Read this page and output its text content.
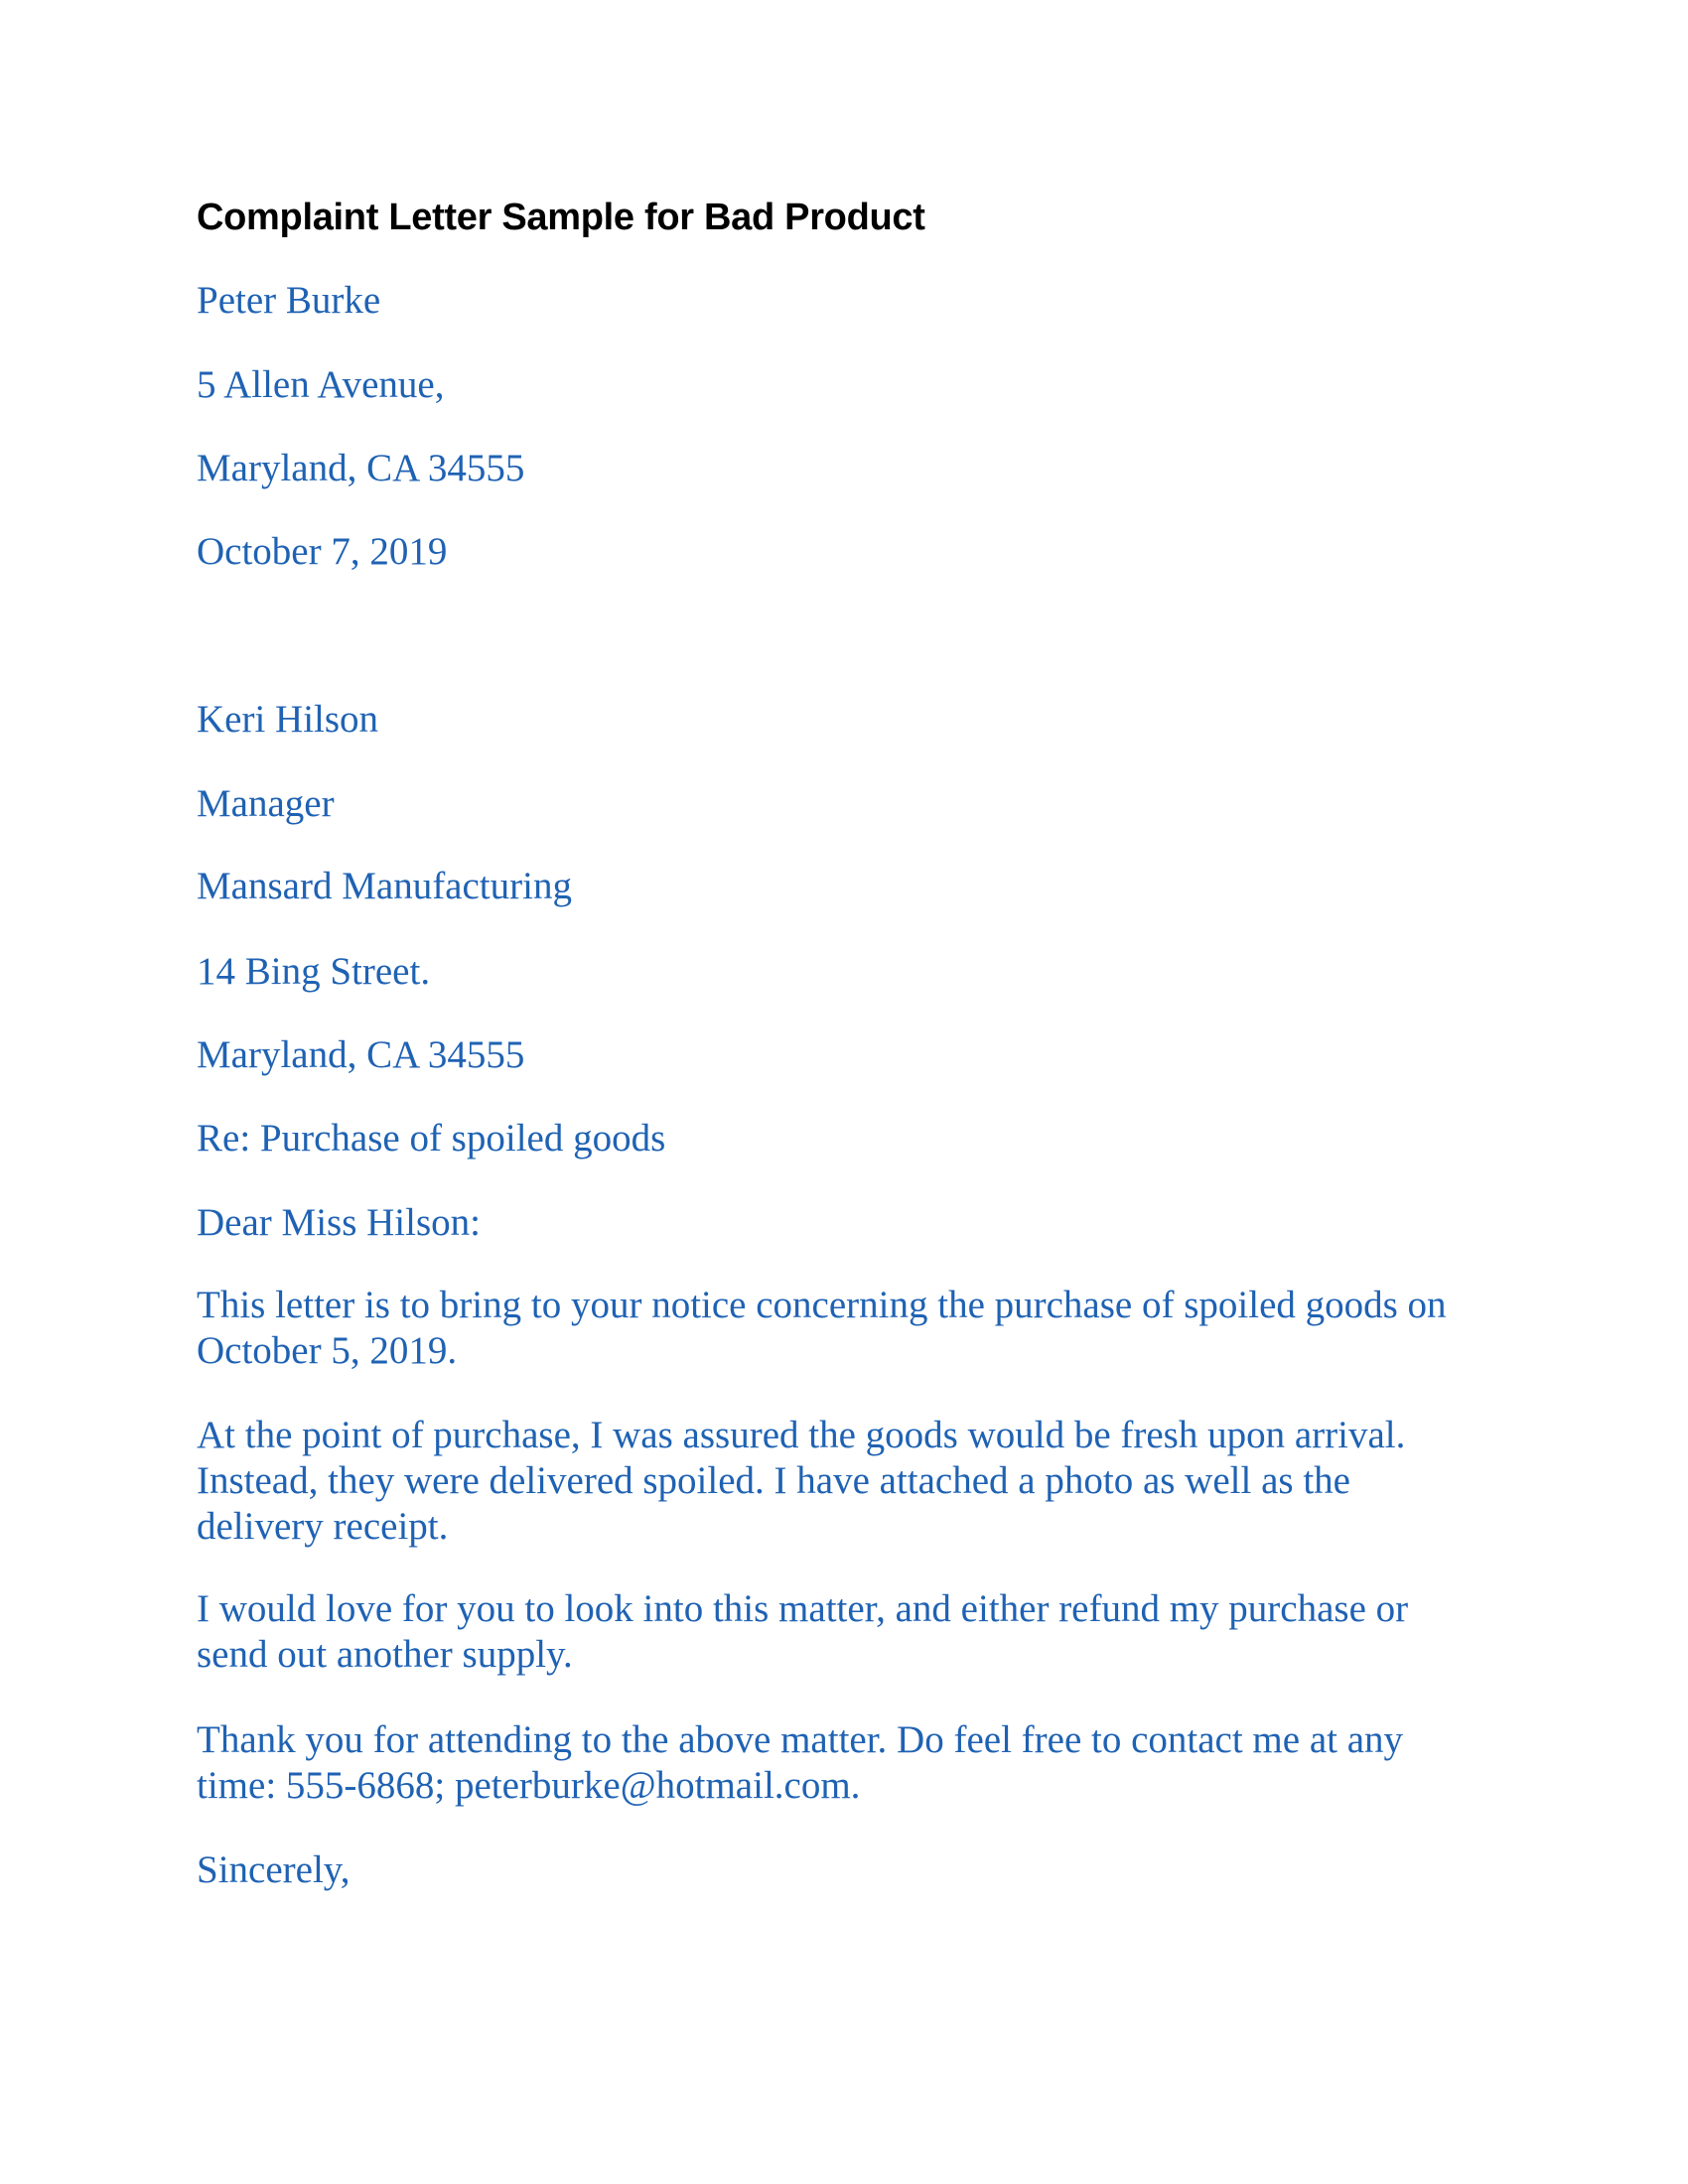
Complaint Letter Sample for Bad Product
Peter Burke
5 Allen Avenue,
Maryland, CA 34555
October 7, 2019
Keri Hilson
Manager
Mansard Manufacturing
14 Bing Street.
Maryland, CA 34555
Re: Purchase of spoiled goods
Dear Miss Hilson:
This letter is to bring to your notice concerning the purchase of spoiled goods on
October 5, 2019.
At the point of purchase, I was assured the goods would be fresh upon arrival.
Instead, they were delivered spoiled. I have attached a photo as well as the
delivery receipt.
I would love for you to look into this matter, and either refund my purchase or
send out another supply.
Thank you for attending to the above matter. Do feel free to contact me at any
time: 555-6868; peterburke@hotmail.com.
Sincerely,
